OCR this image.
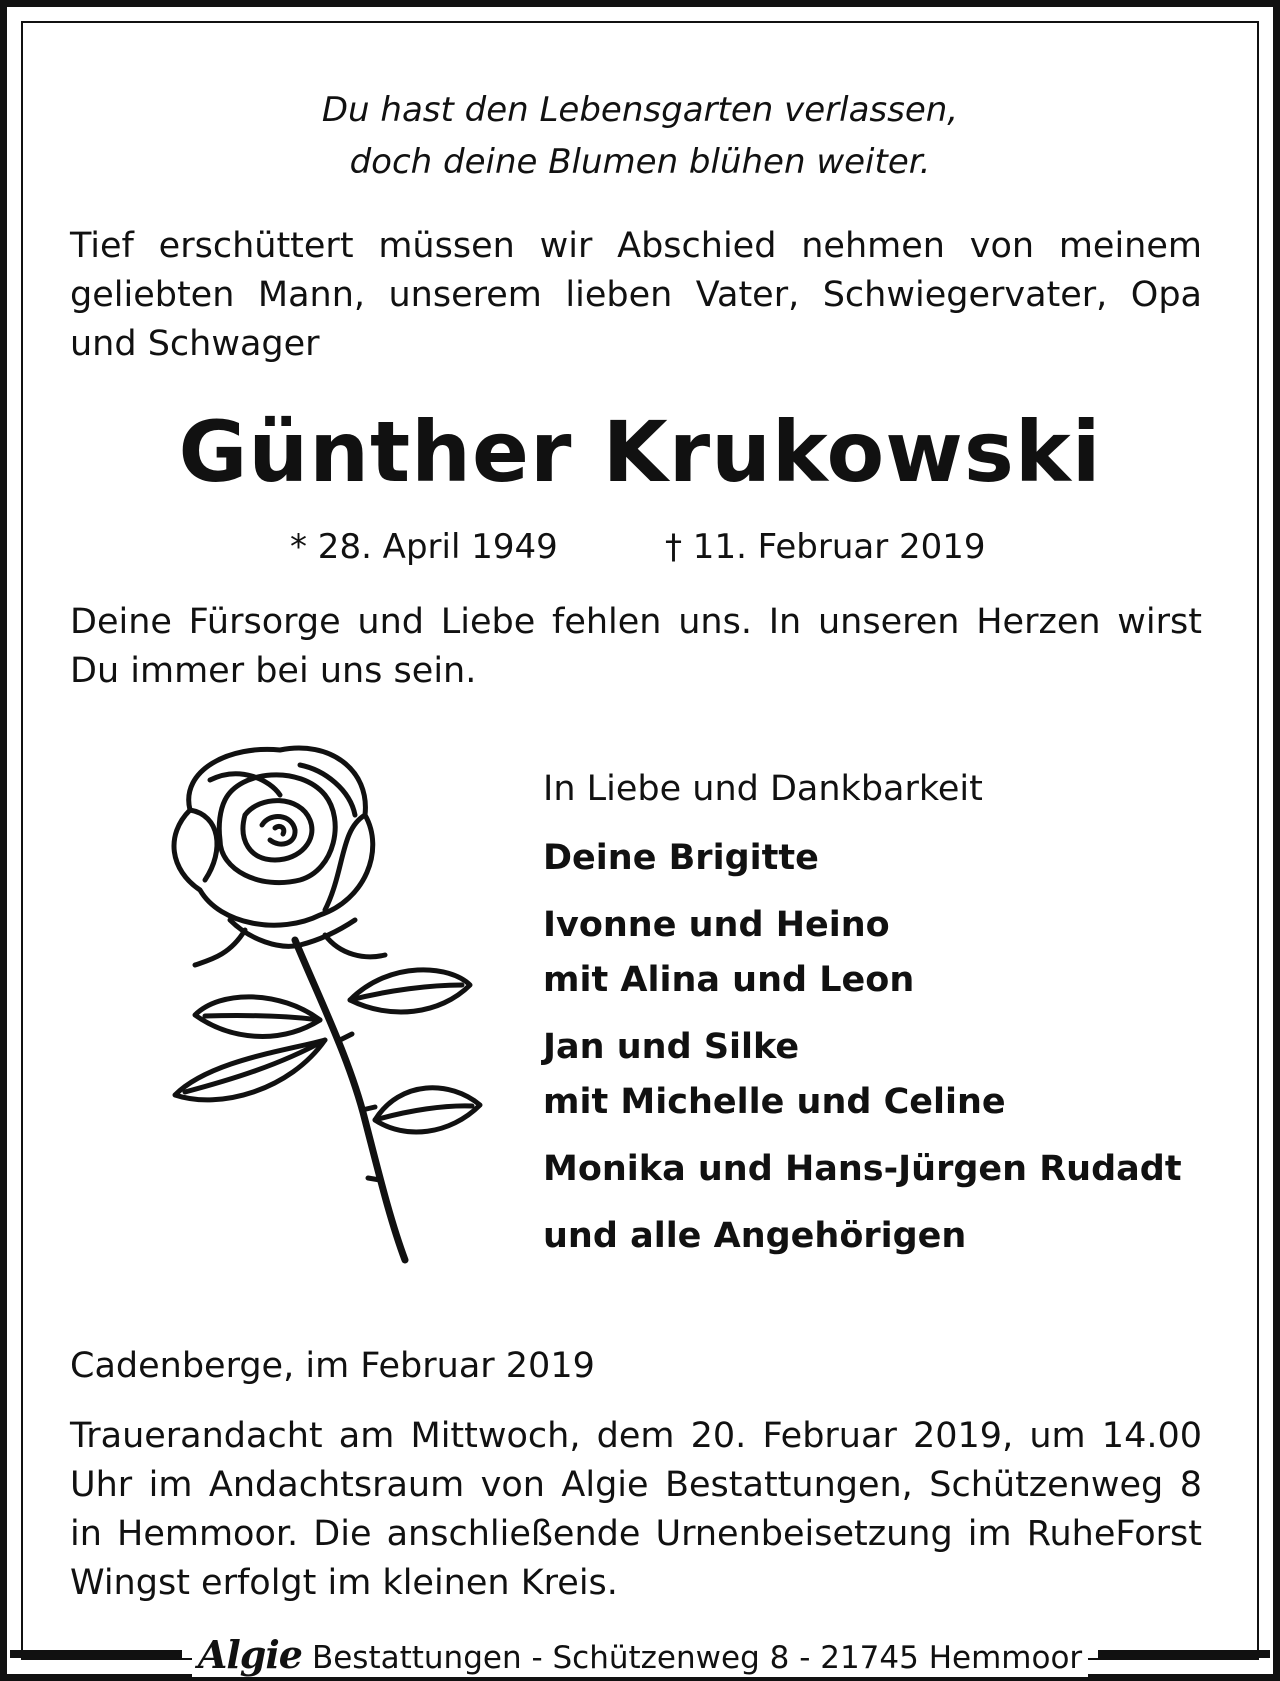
Du hast den Lebensgarten verlassen,
doch deine Blumen blühen weiter.

Tief erschüttert müssen wir Abschied nehmen von meinem geliebten Mann, unserem lieben Vater, Schwiegervater, Opa und Schwager

Günther Krukowski
* 28. April 1949	† 11. Februar 2019

Deine Fürsorge und Liebe fehlen uns. In unseren Herzen wirst Du immer bei uns sein.

In Liebe und Dankbarkeit
Deine Brigitte
Ivonne und Heino
mit Alina und Leon
Jan und Silke
mit Michelle und Celine
Monika und Hans-Jürgen Rudadt
und alle Angehörigen
Cadenberge, im Februar 2019

Trauerandacht am Mittwoch, dem 20. Februar 2019, um 14.00 Uhr im Andachtsraum von Algie Bestattungen, Schützenweg 8 in Hemmoor. Die anschließende Urnenbeisetzung im RuheForst Wingst erfolgt im kleinen Kreis.

Algie Bestattungen - Schützenweg 8 - 21745 Hemmoor
